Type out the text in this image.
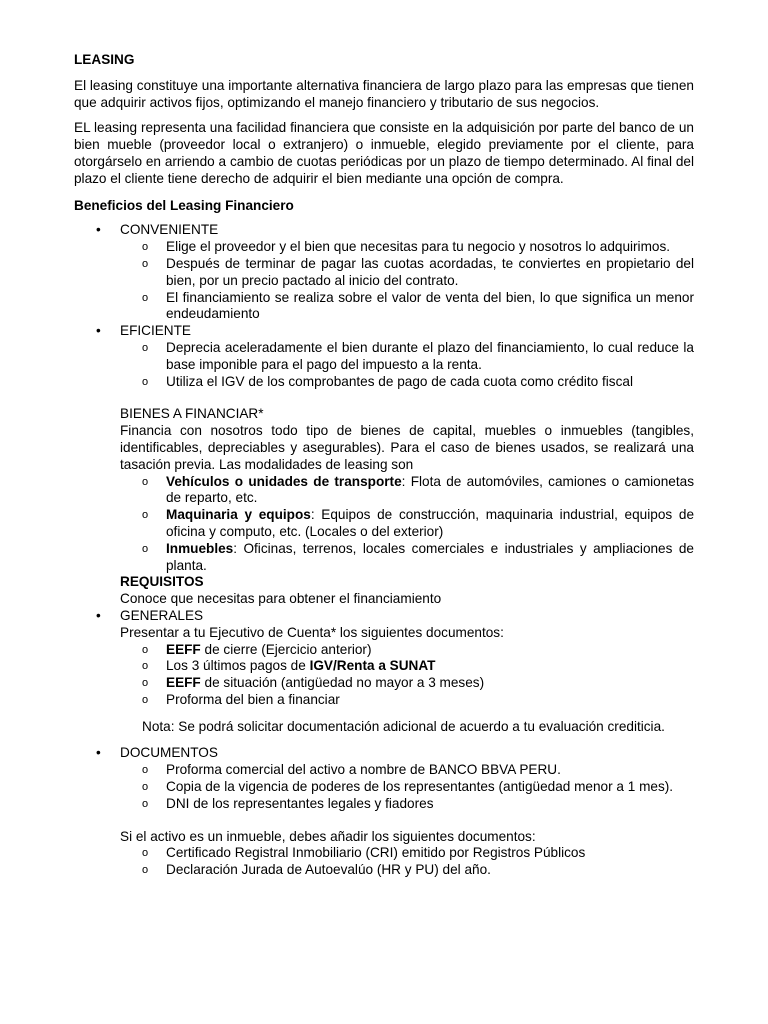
LEASING

El leasing constituye una importante alternativa financiera de largo plazo para las empresas que tienen que adquirir activos fijos, optimizando el manejo financiero y tributario de sus negocios.

EL leasing representa una facilidad financiera que consiste en la adquisición por parte del banco de un bien mueble (proveedor local o extranjero) o inmueble, elegido previamente por el cliente, para otorgárselo en arriendo a cambio de cuotas periódicas por un plazo de tiempo determinado. Al final del plazo el cliente tiene derecho de adquirir el bien mediante una opción de compra.

Beneficios del Leasing Financiero
• CONVENIENTE
o Elige el proveedor y el bien que necesitas para tu negocio y nosotros lo adquirimos.
o Después de terminar de pagar las cuotas acordadas, te conviertes en propietario del bien, por un precio pactado al inicio del contrato.
o El financiamiento se realiza sobre el valor de venta del bien, lo que significa un menor endeudamiento
• EFICIENTE
o Deprecia aceleradamente el bien durante el plazo del financiamiento, lo cual reduce la base imponible para el pago del impuesto a la renta.
o Utiliza el IGV de los comprobantes de pago de cada cuota como crédito fiscal
BIENES A FINANCIAR*
Financia con nosotros todo tipo de bienes de capital, muebles o inmuebles (tangibles, identificables, depreciables y asegurables). Para el caso de bienes usados, se realizará una tasación previa. Las modalidades de leasing son
o Vehículos o unidades de transporte: Flota de automóviles, camiones o camionetas de reparto, etc.
o Maquinaria y equipos: Equipos de construcción, maquinaria industrial, equipos de oficina y computo, etc. (Locales o del exterior)
o Inmuebles: Oficinas, terrenos, locales comerciales e industriales y ampliaciones de planta.
REQUISITOS
Conoce que necesitas para obtener el financiamiento
• GENERALES
Presentar a tu Ejecutivo de Cuenta* los siguientes documentos:
o EEFF de cierre (Ejercicio anterior)
o Los 3 últimos pagos de IGV/Renta a SUNAT
o EEFF de situación (antigüedad no mayor a 3 meses)
o Proforma del bien a financiar
Nota: Se podrá solicitar documentación adicional de acuerdo a tu evaluación crediticia.
• DOCUMENTOS
o Proforma comercial del activo a nombre de BANCO BBVA PERU.
o Copia de la vigencia de poderes de los representantes (antigüedad menor a 1 mes).
o DNI de los representantes legales y fiadores
Si el activo es un inmueble, debes añadir los siguientes documentos:
o Certificado Registral Inmobiliario (CRI) emitido por Registros Públicos
o Declaración Jurada de Autoevalúo (HR y PU) del año.
